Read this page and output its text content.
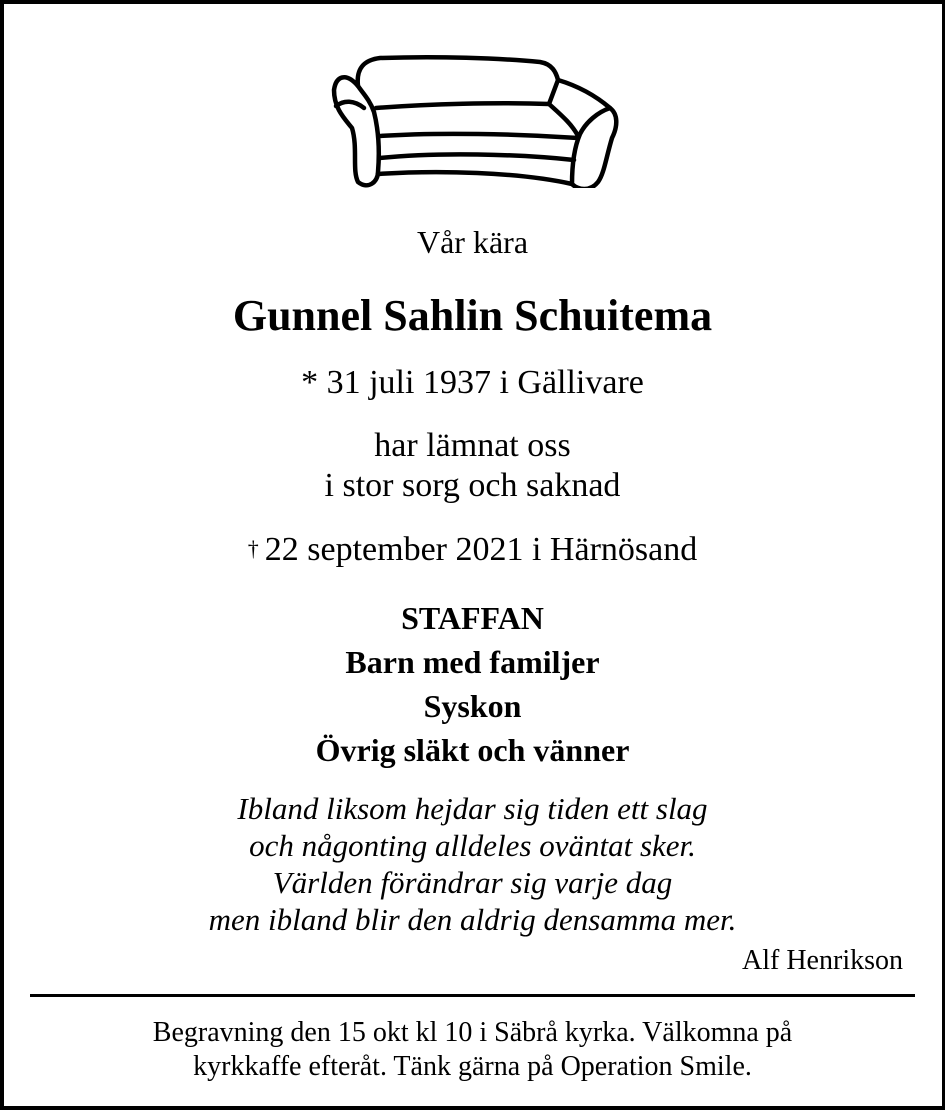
Vår kära
Gunnel Sahlin Schuitema
* 31 juli 1937 i Gällivare
har lämnat oss
i stor sorg och saknad
† 22 september 2021 i Härnösand
STAFFAN
Barn med familjer
Syskon
Övrig släkt och vänner
Ibland liksom hejdar sig tiden ett slag
och någonting alldeles oväntat sker.
Världen förändrar sig varje dag
men ibland blir den aldrig densamma mer.
Alf Henrikson
Begravning den 15 okt kl 10 i Säbrå kyrka. Välkomna på
kyrkkaffe efteråt. Tänk gärna på Operation Smile.
